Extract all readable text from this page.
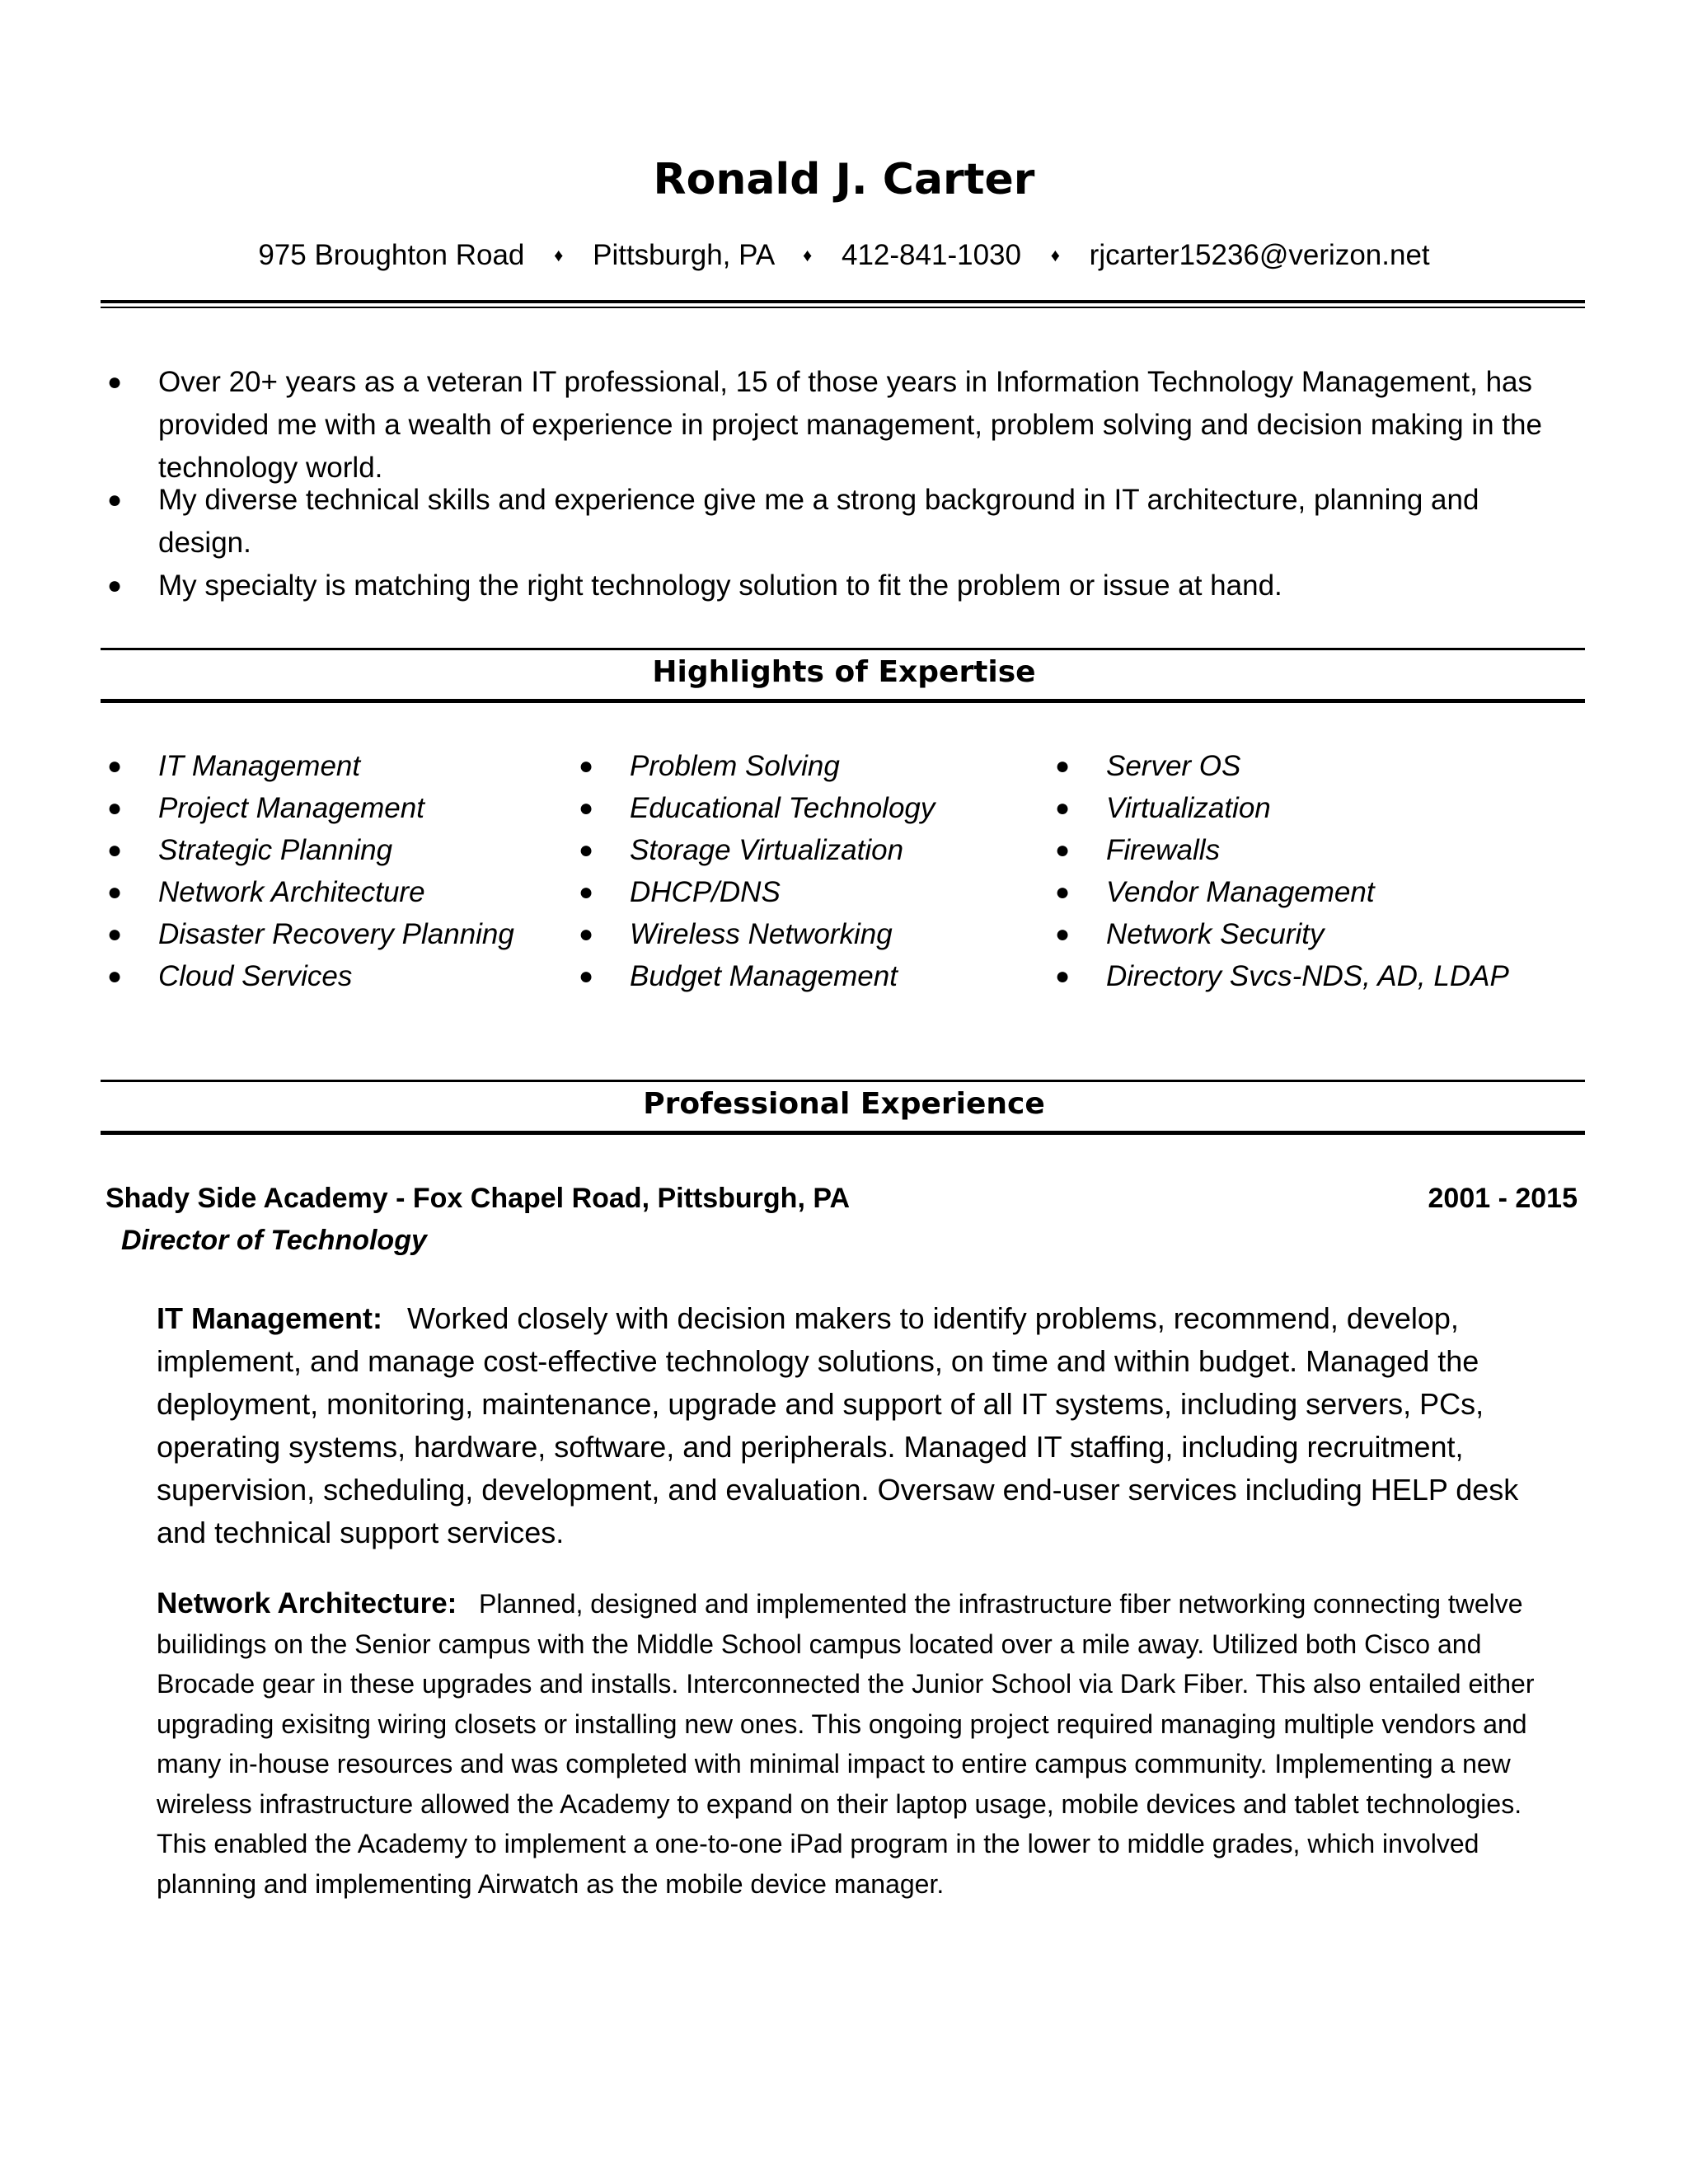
Ronald J. Carter
975 Broughton Road ♦ Pittsburgh, PA ♦ 412-841-1030 ♦ rjcarter15236@verizon.net
● Over 20+ years as a veteran IT professional, 15 of those years in Information Technology Management, has provided me with a wealth of experience in project management, problem solving and decision making in the technology world.
● My diverse technical skills and experience give me a strong background in IT architecture, planning and design.
● My specialty is matching the right technology solution to fit the problem or issue at hand.
Highlights of Expertise
● IT Management
● Project Management
● Strategic Planning
● Network Architecture
● Disaster Recovery Planning
● Cloud Services
● Problem Solving
● Educational Technology
● Storage Virtualization
● DHCP/DNS
● Wireless Networking
● Budget Management
● Server OS
● Virtualization
● Firewalls
● Vendor Management
● Network Security
● Directory Svcs-NDS, AD, LDAP
Professional Experience
Shady Side Academy - Fox Chapel Road, Pittsburgh, PA	2001 - 2015
Director of Technology

IT Management: Worked closely with decision makers to identify problems, recommend, develop, implement, and manage cost-effective technology solutions, on time and within budget. Managed the deployment, monitoring, maintenance, upgrade and support of all IT systems, including servers, PCs, operating systems, hardware, software, and peripherals. Managed IT staffing, including recruitment, supervision, scheduling, development, and evaluation. Oversaw end-user services including HELP desk and technical support services.

Network Architecture: Planned, designed and implemented the infrastructure fiber networking connecting twelve builidings on the Senior campus with the Middle School campus located over a mile away. Utilized both Cisco and Brocade gear in these upgrades and installs. Interconnected the Junior School via Dark Fiber. This also entailed either upgrading exisitng wiring closets or installing new ones. This ongoing project required managing multiple vendors and many in-house resources and was completed with minimal impact to entire campus community. Implementing a new wireless infrastructure allowed the Academy to expand on their laptop usage, mobile devices and tablet technologies. This enabled the Academy to implement a one-to-one iPad program in the lower to middle grades, which involved planning and implementing Airwatch as the mobile device manager.
